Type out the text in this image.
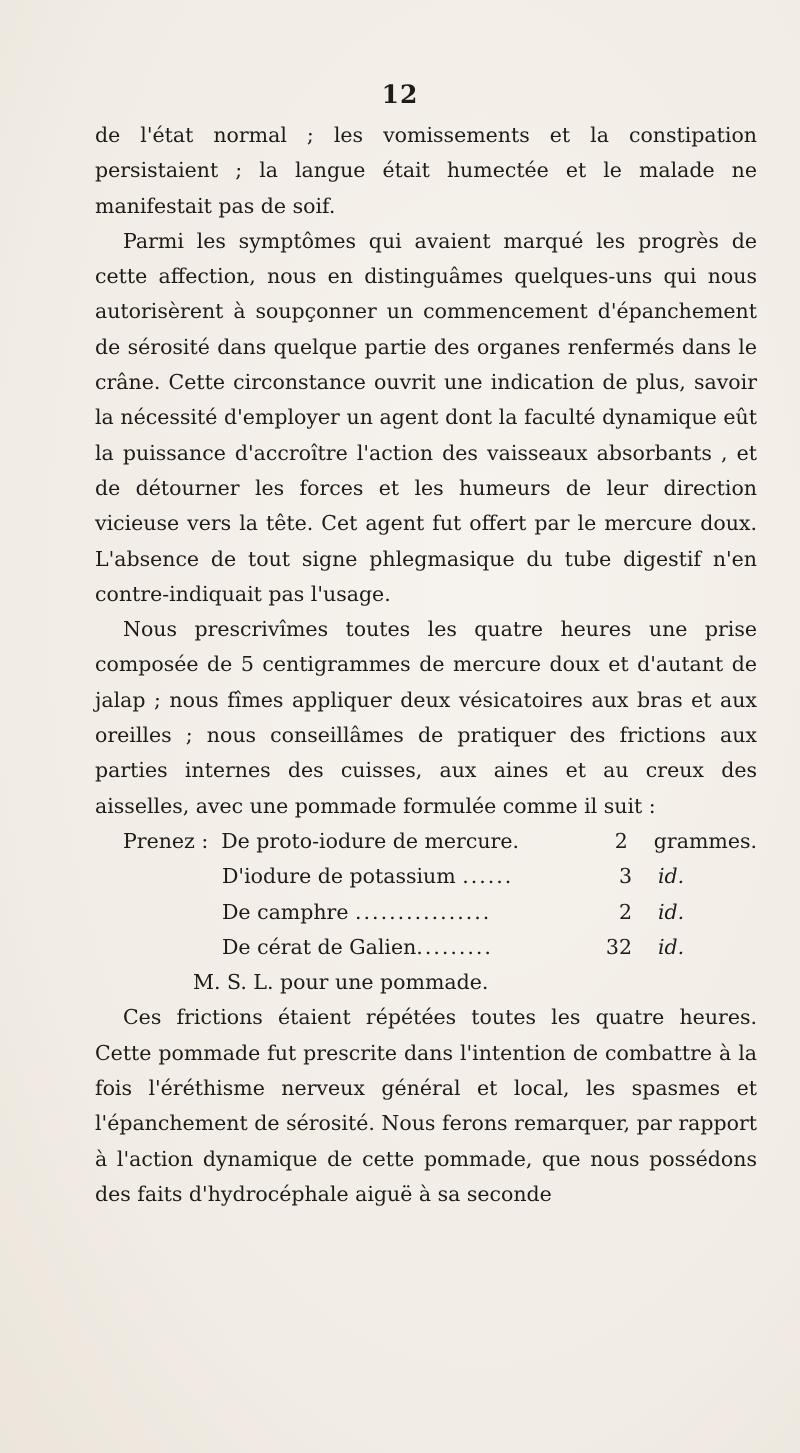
12

de l'état normal ; les vomissements et la constipation persistaient ; la langue était humectée et le malade ne manifestait pas de soif.

Parmi les symptômes qui avaient marqué les progrès de cette affection, nous en distinguâmes quelques-uns qui nous autorisèrent à soupçonner un commencement d'épanchement de sérosité dans quelque partie des organes renfermés dans le crâne. Cette circonstance ouvrit une indication de plus, savoir la nécessité d'employer un agent dont la faculté dynamique eût la puissance d'accroître l'action des vaisseaux absorbants , et de détourner les forces et les humeurs de leur direction vicieuse vers la tête. Cet agent fut offert par le mercure doux. L'absence de tout signe phlegmasique du tube digestif n'en contre-indiquait pas l'usage.

Nous prescrivîmes toutes les quatre heures une prise composée de 5 centigrammes de mercure doux et d'autant de jalap ; nous fîmes appliquer deux vésicatoires aux bras et aux oreilles ; nous conseillâmes de pratiquer des frictions aux parties internes des cuisses, aux aines et au creux des aisselles, avec une pommade formulée comme il suit :

Prenez : De proto-iodure de mercure.	2	grammes.
D'iodure de potassium ......	3	id.
De camphre ................	2	id.
De cérat de Galien.........	32	id.
M. S. L. pour une pommade.

Ces frictions étaient répétées toutes les quatre heures. Cette pommade fut prescrite dans l'intention de combattre à la fois l'éréthisme nerveux général et local, les spasmes et l'épanchement de sérosité. Nous ferons remarquer, par rapport à l'action dynamique de cette pommade, que nous possédons des faits d'hydrocéphale aiguë à sa seconde
